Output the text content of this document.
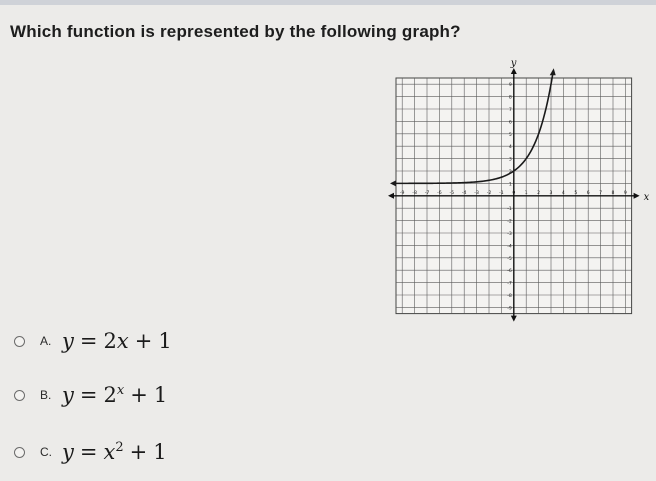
Which function is represented by the following graph?
x
y
-9 -8 -7 -6 -5 -4 -3 -2 -1 0 1 2 3 4 5 6 7 8 9
9
8
7
6
5
4
3
2
1
-1
-2
-3
-4
-5
-6
-7
-8
-9
A. y = 2x + 1
B. $y = 2^x + 1$
C. $y = x^2 + 1$
